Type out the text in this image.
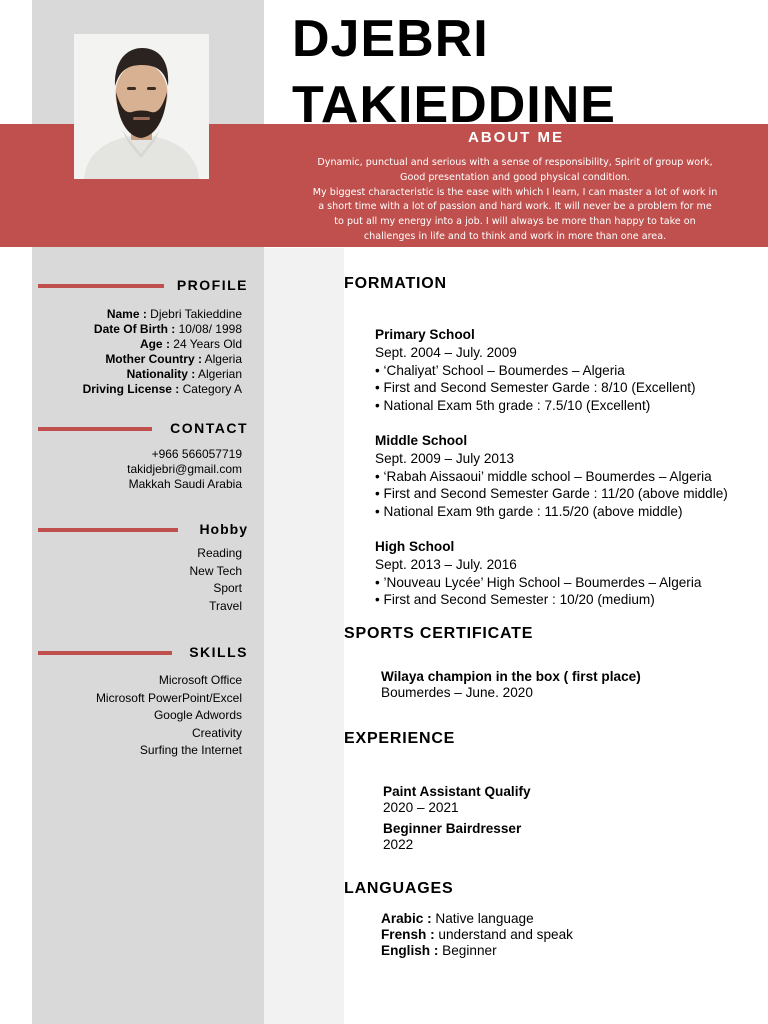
DJEBRI
TAKIEDDINE
ABOUT ME

Dynamic, punctual and serious with a sense of responsibility, Spirit of group work,

Good presentation and good physical condition.

My biggest characteristic is the ease with which I learn, I can master a lot of work in

a short time with a lot of passion and hard work. It will never be a problem for me

to put all my energy into a job. I will always be more than happy to take on

challenges in life and to think and work in more than one area.

PROFILE
Name : Djebri Takieddine
Date Of Birth : 10/08/ 1998
Age : 24 Years Old
Mother Country : Algeria
Nationality : Algerian
Driving License : Category A
CONTACT
+966 566057719
takidjebri@gmail.com
Makkah Saudi Arabia
Hobby
Reading
New Tech
Sport
Travel
SKILLS
Microsoft Office
Microsoft PowerPoint/Excel
Google Adwords
Creativity
Surfing the Internet
FORMATION
Primary School
Sept. 2004 – July. 2009
• ‘Chaliyat’ School – Boumerdes – Algeria
• First and Second Semester Garde : 8/10 (Excellent)
• National Exam 5th grade : 7.5/10 (Excellent)
Middle School
Sept. 2009 – July 2013
• ‘Rabah Aissaoui’ middle school – Boumerdes – Algeria
• First and Second Semester Garde : 11/20 (above middle)
• National Exam 9th garde : 11.5/20 (above middle)
High School
Sept. 2013 – July. 2016
• ’Nouveau Lycée’ High School – Boumerdes – Algeria
• First and Second Semester : 10/20 (medium)
SPORTS CERTIFICATE
Wilaya champion in the box ( first place)
Boumerdes – June. 2020
EXPERIENCE
Paint Assistant Qualify
2020 – 2021
Beginner Bairdresser
2022
LANGUAGES
Arabic : Native language
Frensh : understand and speak
English : Beginner
